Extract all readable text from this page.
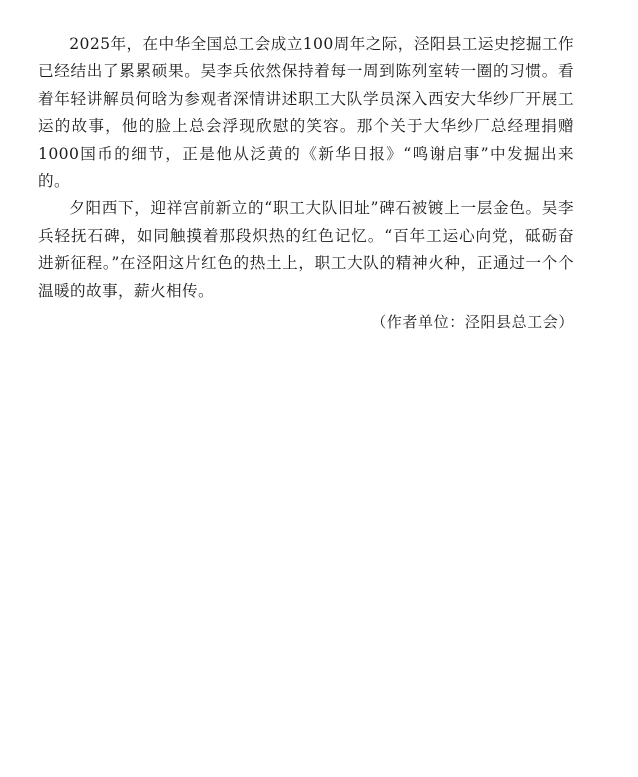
2025年，在中华全国总工会成立100周年之际，泾阳县工运史挖掘工作已经结出了累累硕果。吴李兵依然保持着每一周到陈列室转一圈的习惯。看着年轻讲解员何晗为参观者深情讲述职工大队学员深入西安大华纱厂开展工运的故事，他的脸上总会浮现欣慰的笑容。那个关于大华纱厂总经理捐赠1000国币的细节，正是他从泛黄的《新华日报》“鸣谢启事”中发掘出来的。

夕阳西下，迎祥宫前新立的“职工大队旧址”碑石被镀上一层金色。吴李兵轻抚石碑，如同触摸着那段炽热的红色记忆。“百年工运心向党，砥砺奋进新征程。”在泾阳这片红色的热土上，职工大队的精神火种，正通过一个个温暖的故事，薪火相传。

（作者单位：泾阳县总工会）
